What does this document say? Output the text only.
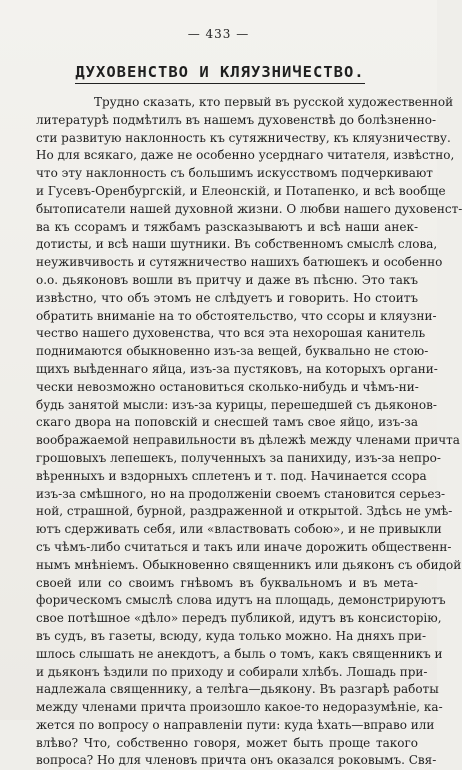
— 433 —
ДУХОВЕНСТВО И КЛЯУЗНИЧЕСТВО.
Трудно сказать, кто первый въ русской художественной
литературѣ подмѣтилъ въ нашемъ духовенствѣ до болѣзненно-
сти развитую наклонность къ сутяжничеству, къ кляузничеству.
Но для всякаго, даже не особенно усерднаго читателя, извѣстно,
что эту наклонность съ большимъ искусствомъ подчеркивают
и Гусевъ-Оренбургскій, и Елеонскій, и Потапенко, и всѣ вообще
бытописатели нашей духовной жизни. О любви нашего духовенст-
ва къ ссорамъ и тяжбамъ разсказываютъ и всѣ наши анек-
дотисты, и всѣ наши шутники. Въ собственномъ смыслѣ слова,
неуживчивость и сутяжничество нашихъ батюшекъ и особенно
о.о. дьяконовъ вошли въ притчу и даже въ пѣсню. Это такъ
извѣстно, что объ этомъ не слѣдуетъ и говорить. Но стоитъ
обратить вниманіе на то обстоятельство, что ссоры и кляузни-
чество нашего духовенства, что вся эта нехорошая канитель
поднимаются обыкновенно изъ-за вещей, буквально не стою-
щихъ выѣденнаго яйца, изъ-за пустяковъ, на которыхъ органи-
чески невозможно остановиться сколько-нибудь и чѣмъ-ни-
будь занятой мысли: изъ-за курицы, перешедшей съ дьяконов-
скаго двора на поповскій и снесшей тамъ свое яйцо, изъ-за
воображаемой неправильности въ дѣлежѣ между членами причта
грошовыхъ лепешекъ, полученныхъ за панихиду, изъ-за непро-
вѣренныхъ и вздорныхъ сплетенъ и т. под. Начинается ссора
изъ-за смѣшного, но на продолженіи своемъ становится серьез-
ной, страшной, бурной, раздраженной и открытой. Здѣсь не умѣ-
ютъ сдерживать себя, или «властвовать собою», и не привыкли
съ чѣмъ-либо считаться и такъ или иначе дорожить общественн-
нымъ мнѣніемъ. Обыкновенно священникъ или дьяконъ съ обидой
своей или со своимъ гнѣвомъ въ буквальномъ и въ мета-
форическомъ смыслѣ слова идутъ на площадь, демонстрируютъ
свое потѣшное «дѣло» передъ публикой, идутъ въ консисторію,
въ судъ, въ газеты, всюду, куда только можно. На дняхъ при-
шлось слышать не анекдотъ, а быль о томъ, какъ священникъ и
и дьяконъ ѣздили по приходу и собирали хлѣбъ. Лошадь при-
надлежала священнику, а телѣга—дьякону. Въ разгарѣ работы
между членами причта произошло какое-то недоразумѣніе, ка-
жется по вопросу о направленіи пути: куда ѣхать—вправо или
влѣво? Что, собственно говоря, может быть проще такого
вопроса? Но для членовъ причта онъ оказался роковымъ. Свя-
